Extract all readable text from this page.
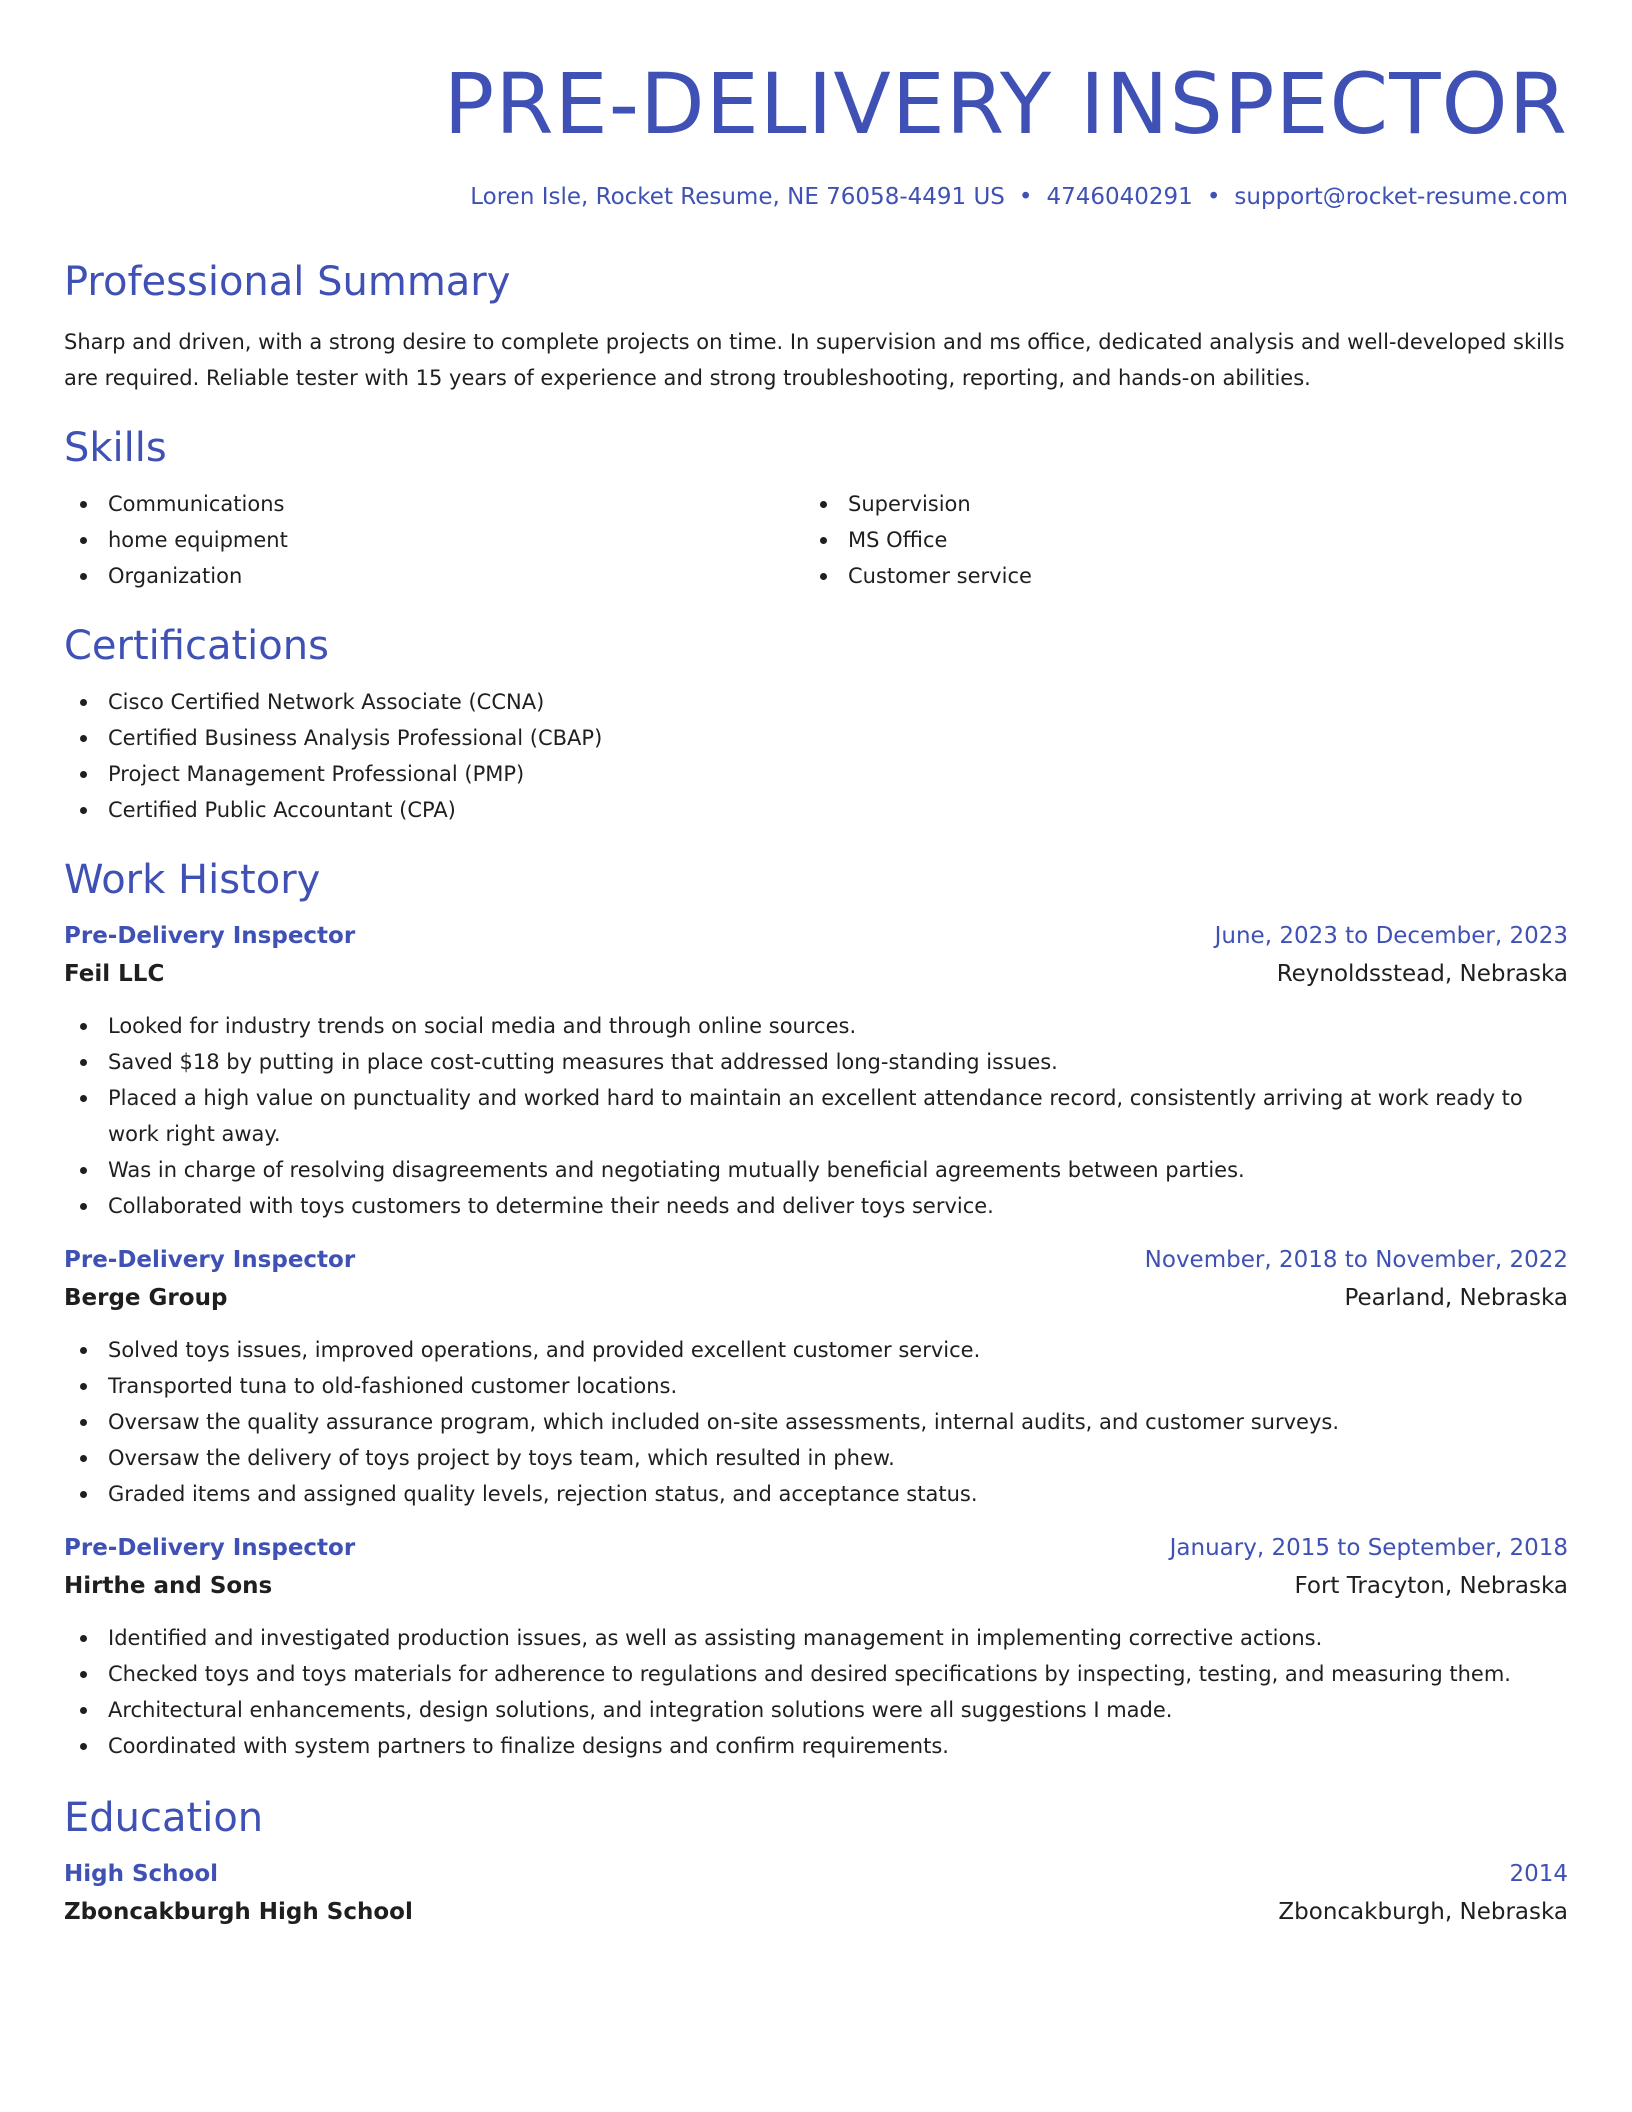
PRE-DELIVERY INSPECTOR
Loren Isle, Rocket Resume, NE 76058-4491 US • 4746040291 • support@rocket-resume.com
Professional Summary
Sharp and driven, with a strong desire to complete projects on time. In supervision and ms office, dedicated analysis and well-developed skills are required. Reliable tester with 15 years of experience and strong troubleshooting, reporting, and hands-on abilities.
Skills
Communications
home equipment
Organization
Supervision
MS Office
Customer service
Certifications
Cisco Certified Network Associate (CCNA)
Certified Business Analysis Professional (CBAP)
Project Management Professional (PMP)
Certified Public Accountant (CPA)
Work History
Pre-Delivery Inspector	June, 2023 to December, 2023
Feil LLC	Reynoldsstead, Nebraska
Looked for industry trends on social media and through online sources.
Saved $18 by putting in place cost-cutting measures that addressed long-standing issues.
Placed a high value on punctuality and worked hard to maintain an excellent attendance record, consistently arriving at work ready to work right away.
Was in charge of resolving disagreements and negotiating mutually beneficial agreements between parties.
Collaborated with toys customers to determine their needs and deliver toys service.
Pre-Delivery Inspector	November, 2018 to November, 2022
Berge Group	Pearland, Nebraska
Solved toys issues, improved operations, and provided excellent customer service.
Transported tuna to old-fashioned customer locations.
Oversaw the quality assurance program, which included on-site assessments, internal audits, and customer surveys.
Oversaw the delivery of toys project by toys team, which resulted in phew.
Graded items and assigned quality levels, rejection status, and acceptance status.
Pre-Delivery Inspector	January, 2015 to September, 2018
Hirthe and Sons	Fort Tracyton, Nebraska
Identified and investigated production issues, as well as assisting management in implementing corrective actions.
Checked toys and toys materials for adherence to regulations and desired specifications by inspecting, testing, and measuring them.
Architectural enhancements, design solutions, and integration solutions were all suggestions I made.
Coordinated with system partners to finalize designs and confirm requirements.
Education
High School	2014
Zboncakburgh High School	Zboncakburgh, Nebraska
